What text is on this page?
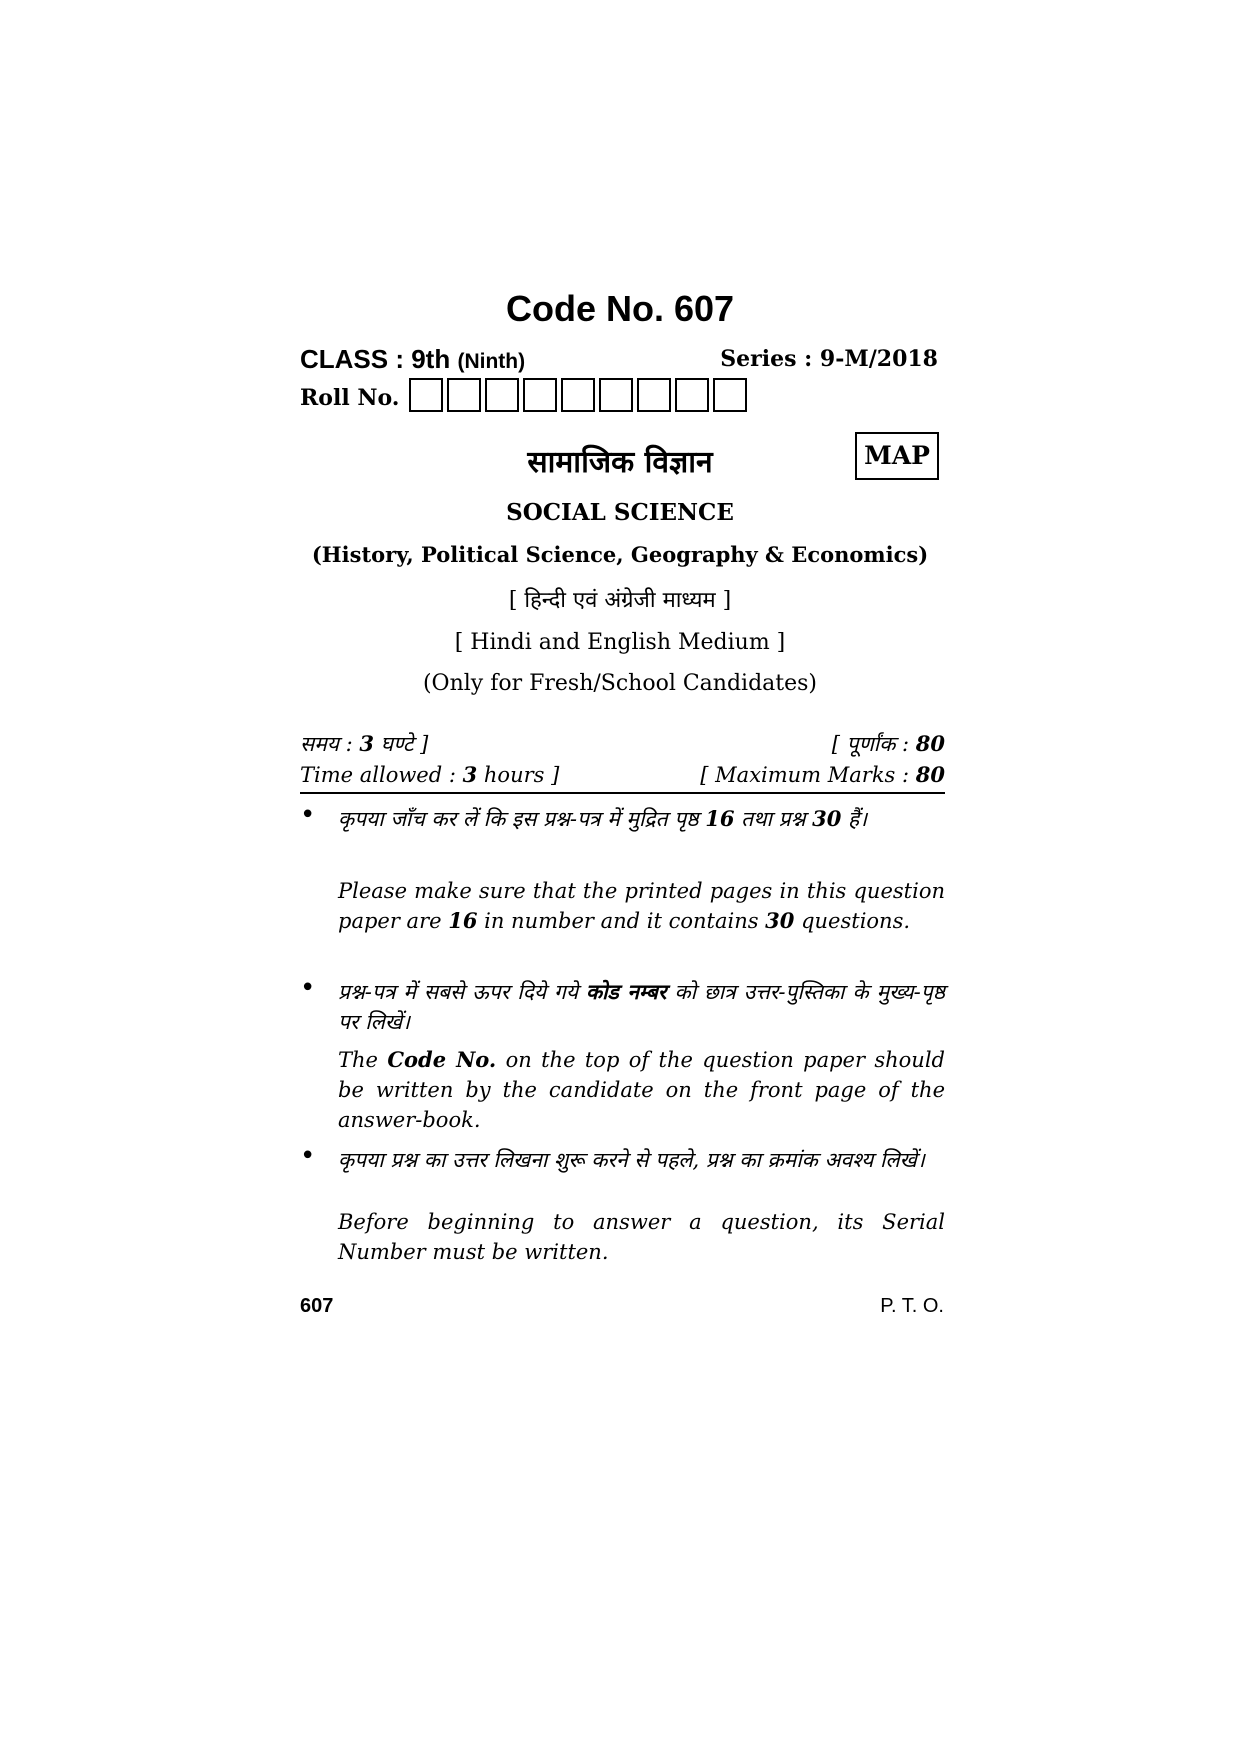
Code No. 607
CLASS : 9th (Ninth)	Series : 9-M/2018
Roll No.
सामाजिक विज्ञान	MAP
SOCIAL SCIENCE
(History, Political Science, Geography & Economics)
[ हिन्दी एवं अंग्रेजी माध्यम ]
[ Hindi and English Medium ]
(Only for Fresh/School Candidates)
समय : 3 घण्टे ]	[ पूर्णांक : 80
Time allowed : 3 hours ]	[ Maximum Marks : 80
• कृपया जाँच कर लें कि इस प्रश्न-पत्र में मुद्रित पृष्ठ 16 तथा प्रश्न 30 हैं।
Please make sure that the printed pages in this question paper are 16 in number and it contains 30 questions.
• प्रश्न-पत्र में सबसे ऊपर दिये गये कोड नम्बर को छात्र उत्तर-पुस्तिका के मुख्य-पृष्ठ पर लिखें।
The Code No. on the top of the question paper should be written by the candidate on the front page of the answer-book.
• कृपया प्रश्न का उत्तर लिखना शुरू करने से पहले, प्रश्न का क्रमांक अवश्य लिखें।
Before beginning to answer a question, its Serial Number must be written.
607	P. T. O.
